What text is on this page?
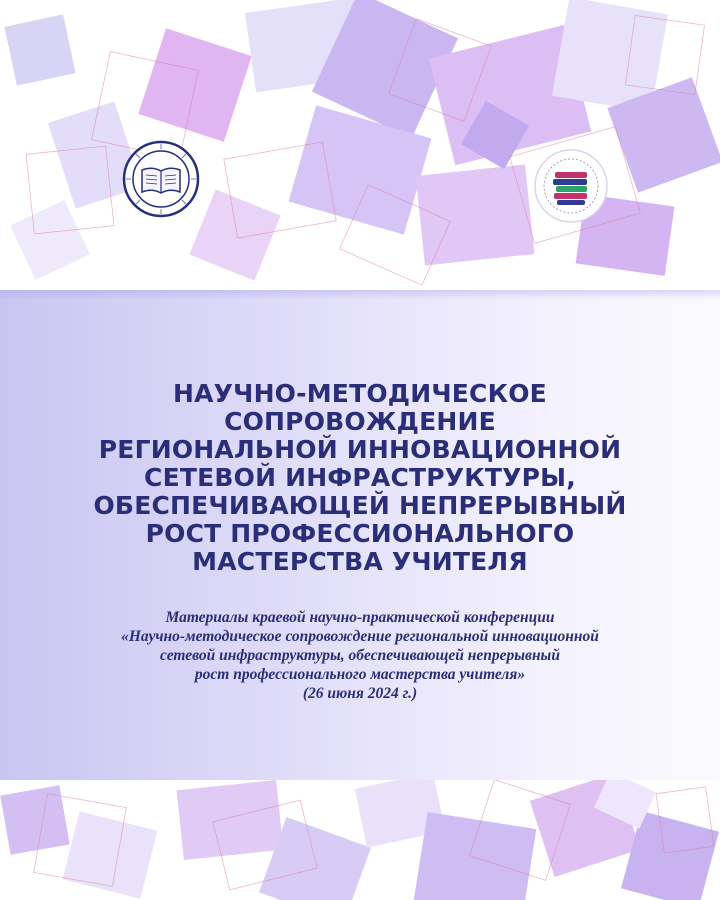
НАУЧНО-МЕТОДИЧЕСКОЕ
СОПРОВОЖДЕНИЕ
РЕГИОНАЛЬНОЙ ИННОВАЦИОННОЙ
СЕТЕВОЙ ИНФРАСТРУКТУРЫ,
ОБЕСПЕЧИВАЮЩЕЙ НЕПРЕРЫВНЫЙ
РОСТ ПРОФЕССИОНАЛЬНОГО
МАСТЕРСТВА УЧИТЕЛЯ
Материалы краевой научно-практической конференции
«Научно-методическое сопровождение региональной инновационной
сетевой инфраструктуры, обеспечивающей непрерывный
рост профессионального мастерства учителя»
(26 июня 2024 г.)
